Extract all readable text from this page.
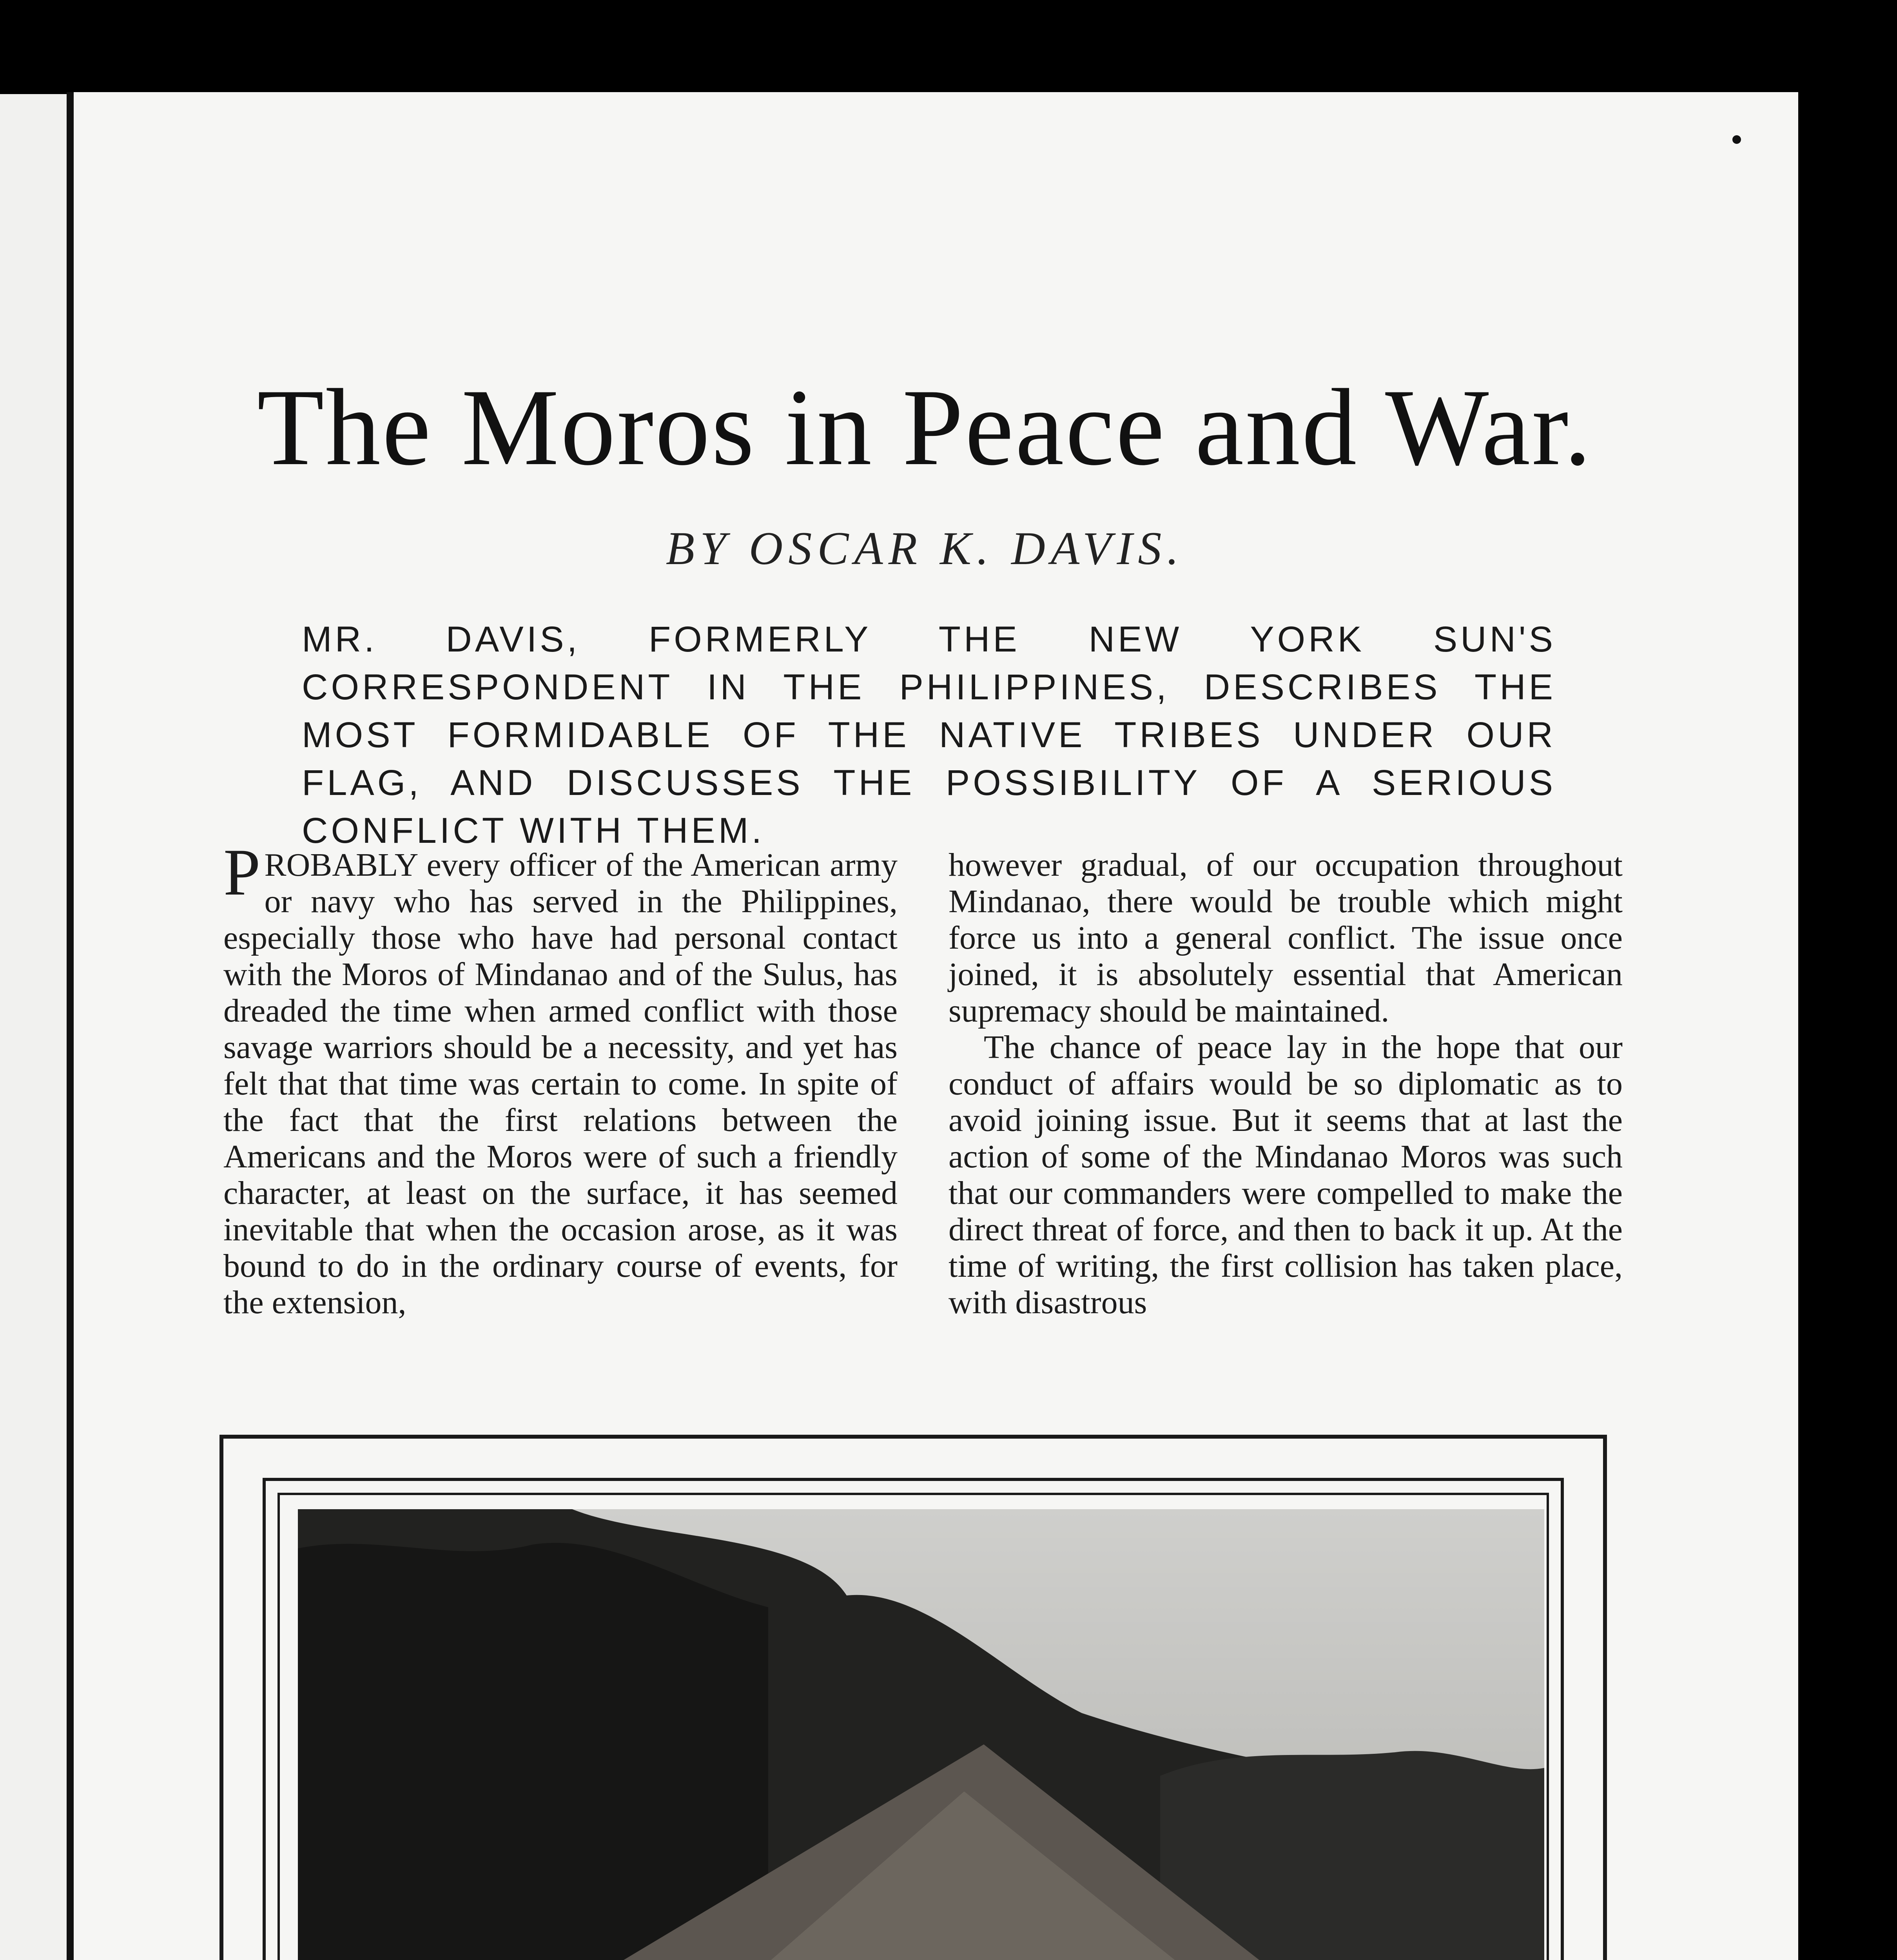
The Moros in Peace and War.
BY OSCAR K. DAVIS.

MR. DAVIS, FORMERLY THE NEW YORK SUN'S CORRESPONDENT IN THE PHILIPPINES, DESCRIBES THE MOST FORMIDABLE OF THE NATIVE TRIBES UNDER OUR FLAG, AND DISCUSSES THE POSSIBILITY OF A SERIOUS CONFLICT WITH THEM.

PROBABLY every officer of the American army or navy who has served in the Philippines, especially those who have had personal contact with the Moros of Mindanao and of the Sulus, has dreaded the time when armed conflict with those savage warriors should be a necessity, and yet has felt that that time was certain to come. In spite of the fact that the first relations between the Americans and the Moros were of such a friendly character, at least on the surface, it has seemed inevitable that when the occasion arose, as it was bound to do in the ordinary course of events, for the extension,

however gradual, of our occupation throughout Mindanao, there would be trouble which might force us into a general conflict. The issue once joined, it is absolutely essential that American supremacy should be maintained.

The chance of peace lay in the hope that our conduct of affairs would be so diplomatic as to avoid joining issue. But it seems that at last the action of some of the Mindanao Moros was such that our commanders were compelled to make the direct threat of force, and then to back it up. At the time of writing, the first collision has taken place, with disastrous
